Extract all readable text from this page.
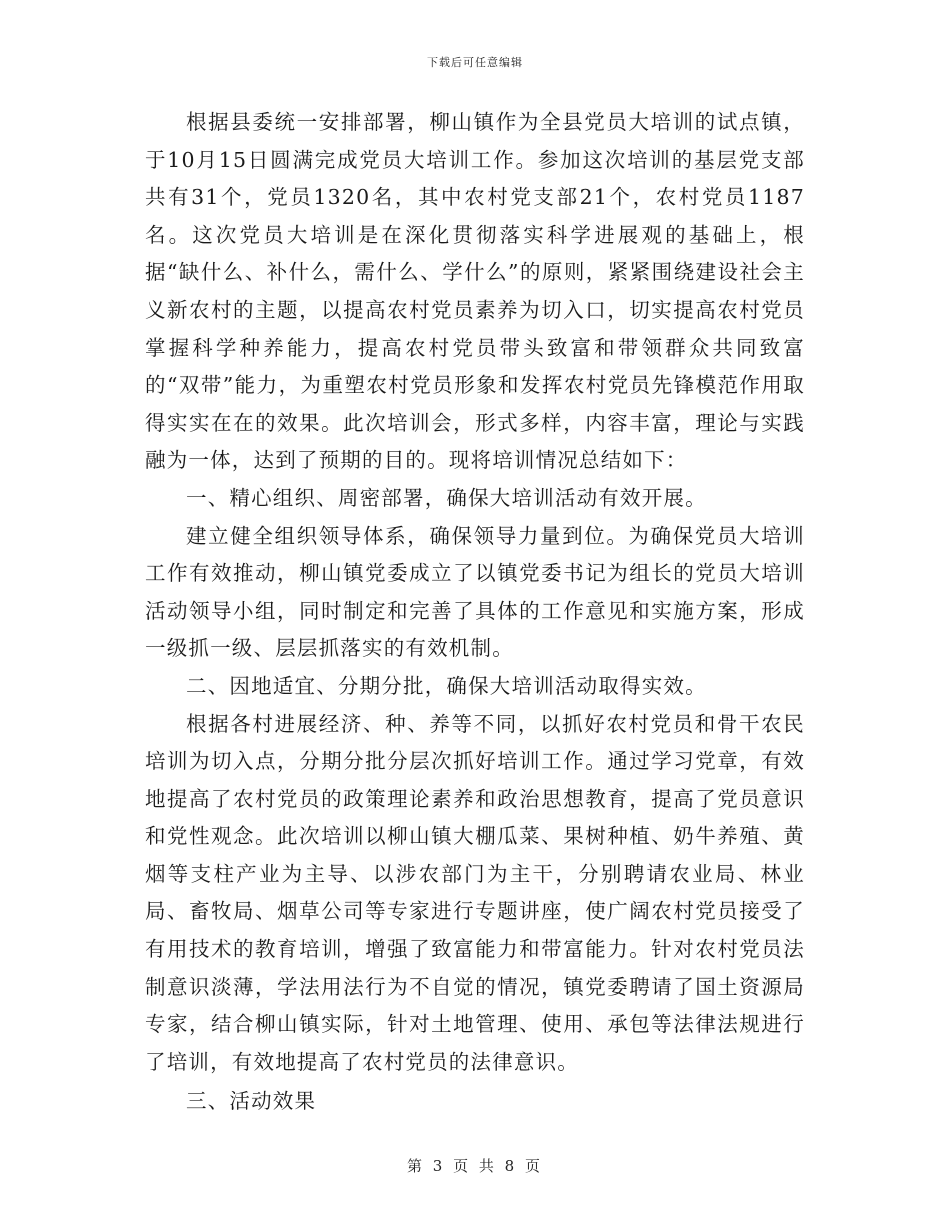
下载后可任意编辑

根据县委统一安排部署，柳山镇作为全县党员大培训的试点镇，于10月15日圆满完成党员大培训工作。参加这次培训的基层党支部共有31个，党员1320名，其中农村党支部21个，农村党员1187名。这次党员大培训是在深化贯彻落实科学进展观的基础上，根据“缺什么、补什么，需什么、学什么”的原则，紧紧围绕建设社会主义新农村的主题，以提高农村党员素养为切入口，切实提高农村党员掌握科学种养能力，提高农村党员带头致富和带领群众共同致富的“双带”能力，为重塑农村党员形象和发挥农村党员先锋模范作用取得实实在在的效果。此次培训会，形式多样，内容丰富，理论与实践融为一体，达到了预期的目的。现将培训情况总结如下：

一、精心组织、周密部署，确保大培训活动有效开展。

建立健全组织领导体系，确保领导力量到位。为确保党员大培训工作有效推动，柳山镇党委成立了以镇党委书记为组长的党员大培训活动领导小组，同时制定和完善了具体的工作意见和实施方案，形成一级抓一级、层层抓落实的有效机制。

二、因地适宜、分期分批，确保大培训活动取得实效。

根据各村进展经济、种、养等不同，以抓好农村党员和骨干农民培训为切入点，分期分批分层次抓好培训工作。通过学习党章，有效地提高了农村党员的政策理论素养和政治思想教育，提高了党员意识和党性观念。此次培训以柳山镇大棚瓜菜、果树种植、奶牛养殖、黄烟等支柱产业为主导、以涉农部门为主干，分别聘请农业局、林业局、畜牧局、烟草公司等专家进行专题讲座，使广阔农村党员接受了有用技术的教育培训，增强了致富能力和带富能力。针对农村党员法制意识淡薄，学法用法行为不自觉的情况，镇党委聘请了国土资源局专家，结合柳山镇实际，针对土地管理、使用、承包等法律法规进行了培训，有效地提高了农村党员的法律意识。

三、活动效果

第 3 页 共 8 页
